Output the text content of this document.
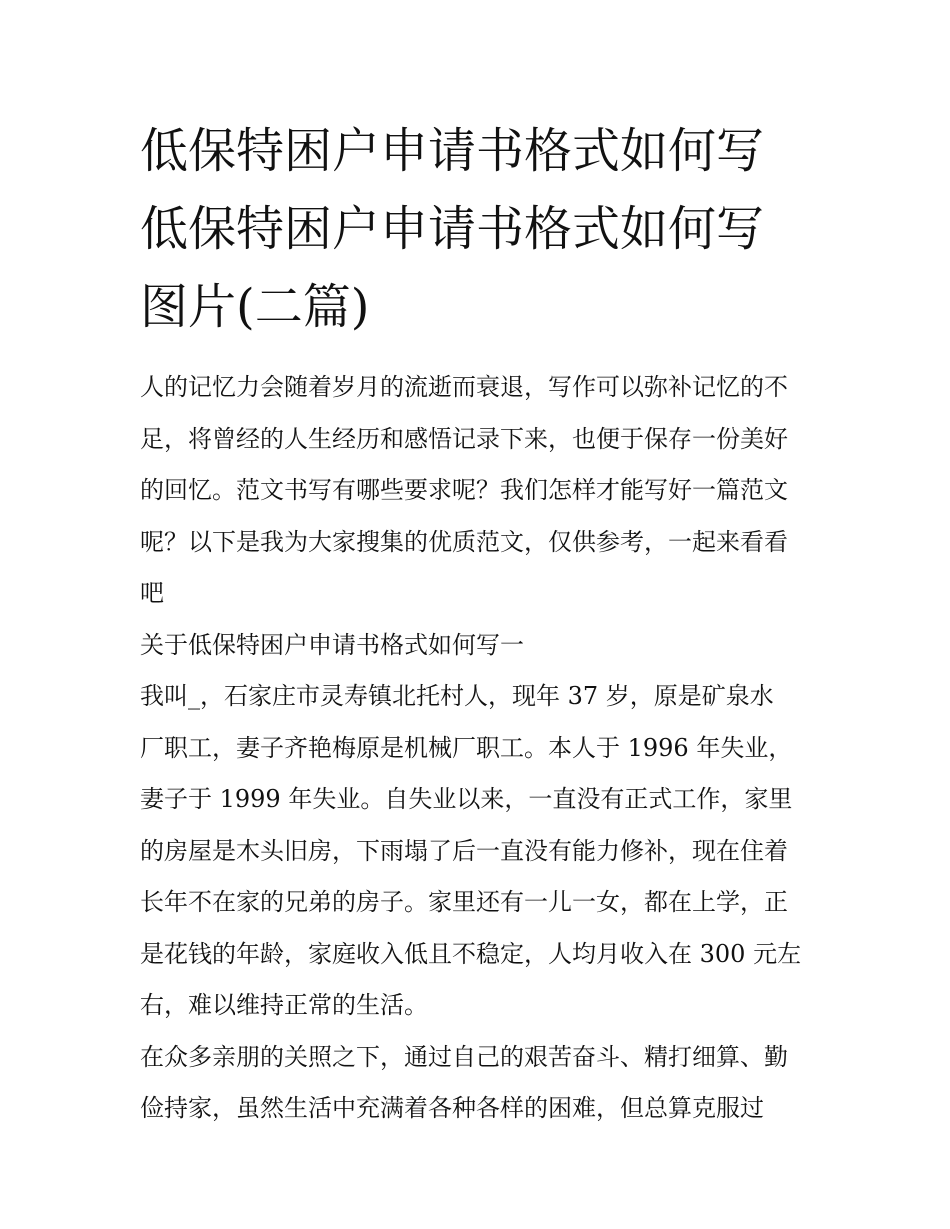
低保特困户申请书格式如何写
低保特困户申请书格式如何写
图片(二篇)
人的记忆力会随着岁月的流逝而衰退，写作可以弥补记忆的不
足，将曾经的人生经历和感悟记录下来，也便于保存一份美好
的回忆。范文书写有哪些要求呢？我们怎样才能写好一篇范文
呢？以下是我为大家搜集的优质范文，仅供参考，一起来看看
吧
关于低保特困户申请书格式如何写一
我叫_，石家庄市灵寿镇北托村人，现年 37 岁，原是矿泉水
厂职工，妻子齐艳梅原是机械厂职工。本人于 1996 年失业，
妻子于 1999 年失业。自失业以来，一直没有正式工作，家里
的房屋是木头旧房，下雨塌了后一直没有能力修补，现在住着
长年不在家的兄弟的房子。家里还有一儿一女，都在上学，正
是花钱的年龄，家庭收入低且不稳定，人均月收入在 300 元左
右，难以维持正常的生活。
在众多亲朋的关照之下，通过自己的艰苦奋斗、精打细算、勤
俭持家，虽然生活中充满着各种各样的困难，但总算克服过
